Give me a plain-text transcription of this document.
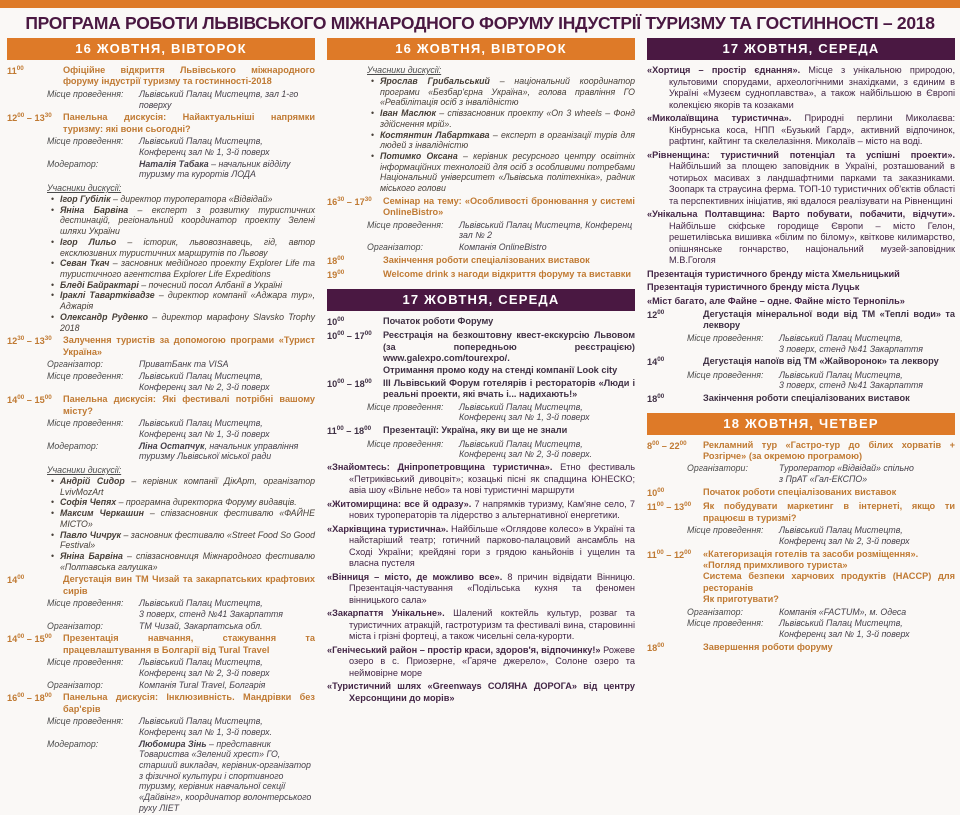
ПРОГРАМА РОБОТИ ЛЬВІВСЬКОГО МІЖНАРОДНОГО ФОРУМУ ІНДУСТРІЇ ТУРИЗМУ ТА ГОСТИННОСТІ – 2018
16 ЖОВТНЯ, ВІВТОРОК
$11^{00}$	Офіційне відкриття Львівського міжнародного форуму індустрії туризму та гостинності-2018
Місце проведення:	Львівський Палац Мистецтв, зал 1-го поверху
$12^{00} - 13^{30}$	Панельна дискусія: Найактуальніші напрямки туризму: які вони сьогодні?
Місце проведення:	Львівський Палац Мистецтв,
Конференц зал № 1, 3-й поверх
Модератор:	Наталія Табака – начальник відділу туризму та курортів ЛОДА
Учасники дискусії:
• Ігор Губілік – директор туроператора «Відвідай»
• Яніна Барвіна – експерт з розвитку туристичних дестинацій, регіональний координатор проекту Зелені шляхи України
• Ігор Лильо – історик, львовознавець, гід, автор ексклюзивних туристичних маршрутів по Львову
• Севан Ткач – засновник медійного проекту Explorer Life та туристичного агентства Explorer Life Expeditions
• Бледі Байрактарі – почесний посол Албанії в Україні
• Іраклі Тавартківадзе – директор компанії «Аджара тур», Аджарія
• Олександр Руденко – директор марафону Slavsko Trophy 2018
$12^{30} - 13^{30}$	Залучення туристів за допомогою програми «Турист Україна»
Організатор:	ПриватБанк та VISA
Місце проведення:	Львівський Палац Мистецтв,
Конференц зал № 2, 3-й поверх
$14^{00} - 15^{00}$	Панельна дискусія: Які фестивалі потрібні вашому місту?
Місце проведення:	Львівський Палац Мистецтв,
Конференц зал № 1, 3-й поверх
Модератор:	Ліна Остапчук, начальник управління туризму Львівської міської ради
Учасники дискусії:
• Андрій Сидор – керівник компанії ДікАрт, організатор LvivMozArt
• Софія Чепях – програмна директорка Форуму видавців.
• Максим Черкашин – співзасновник фестивалю «ФАЙНЕ МІСТО»
• Павло Чичрук – засновник фестивалю «Street Food So Good Festival»
• Яніна Барвіна – співзасновниця Міжнародного фестивалю «Полтавська галушка»
$14^{00}$	Дегустація вин ТМ Чизай та закарпатських крафтових сирів
Місце проведення:	Львівський Палац Мистецтв,
3 поверх, стенд №41 Закарпаття
Організатор:	ТМ Чизай, Закарпатська обл.
$14^{00} - 15^{00}$	Презентація навчання, стажування та працевлаштування в Болгарії від Tural Travel
Місце проведення:	Львівський Палац Мистецтв,
Конференц зал № 2, 3-й поверх
Організатор:	Компанія Tural Travel, Болгарія
$16^{00} - 18^{00}$	Панельна дискусія: Інклюзивність. Мандрівки без бар'єрів
Місце проведення:	Львівський Палац Мистецтв,
Конференц зал № 1, 3-й поверх.
Модератор:	Любомира Зінь – представник Товариства «Зелений хрест» ГО, старший викладач, керівник-організатор з фізичної культури і спортивного туризму, керівник навчальної секції «Дайвінг», координатор волонтерського руху ЛІЕТ
16 ЖОВТНЯ, ВІВТОРОК
Учасники дискусії:
• Ярослав Грибальський – національний координатор програми «Безбар'єрна Україна», голова правління ГО «Реабілітація осіб з інвалідністю
• Іван Маслюк – співзасновник проекту «On 3 wheels – Фонд здійснення мрій».
• Костянтин Лабарткава – експерт в організації турів для людей з інвалідністю
• Потимко Оксана – керівник ресурсного центру освітніх інформаційних технологій для осіб з особливими потребами Національний університет «Львівська політехніка», радник міського голови
$16^{30} - 17^{30}$	Семінар на тему: «Особливості бронювання у системі OnlineBistro»
Місце проведення:	Львівський Палац Мистецтв, Конференц зал № 2
Організатор:	Компанія OnlineBistro
$18^{00}$	Закінчення роботи спеціалізованих виставок
$19^{00}$	Welcome drink з нагоди відкриття форуму та виставки
17 ЖОВТНЯ, СЕРЕДА
$10^{00}$	Початок роботи Форуму
$10^{00} - 17^{00}$	Реєстрація на безкоштовну квест-екскурсію Львовом (за попередньою реєстрацією) www.galexpo.com/tourexpo/.
Отримання промо коду на стенді компанії Look city
$10^{00} - 18^{00}$	ІІІ Львівський Форум готелярів і рестораторів «Люди і реальні проекти, які вчать і... надихають!»
Місце проведення:	Львівський Палац Мистецтв,
Конференц зал № 1, 3-й поверх
$11^{00} - 18^{00}$	Презентації: Україна, яку ви ще не знали
Місце проведення:	Львівський Палац Мистецтв,
Конференц зал № 2, 3-й поверх.
«Знайомтесь: Дніпропетровщина туристична». Етно фестиваль «Петриківський дивоцвіт»; козацькі пісні як спадщина ЮНЕСКО; авіа шоу «Вільне небо» та нові туристичні маршрути
«Житомирщина: все й одразу». 7 напрямків туризму, Кам'яне село, 7 нових туроператорів та лідерство з альтернативної енергетики.
«Харківщина туристична». Найбільше «Оглядове колесо» в Україні та найстаріший театр; готичний парково-палацовий ансамбль на Сході України; крейдяні гори з грядою каньйонів і ущелин та власна пустеля
«Вінниця – місто, де можливо все». 8 причин відвідати Вінницю. Презентація-частування «Подільська кухня та феномен вінницького сала»
«Закарпаття Унікальне». Шалений коктейль культур, розваг та туристичних атракцій, гастротуризм та фестивалі вина, старовинні міста і грізні фортеці, а також чисельні села-курорти.
«Генічеський район – простір краси, здоров'я, відпочинку!» Рожеве озеро в с. Приозерне, «Гаряче джерело», Солоне озеро та неймовірне море
«Туристичний шлях «Greenways СОЛЯНА ДОРОГА» від центру Херсонщини до морів»
17 ЖОВТНЯ, СЕРЕДА
«Хортиця – простір єднання». Місце з унікальною природою, культовими спорудами, археологічними знахідками, з єдиним в Україні «Музеєм судноплавства», а також найбільшою в Європі колекцією якорів та козаками
«Миколаївщина туристична». Природні перлини Миколаєва: Кінбурнська коса, НПП «Бузький Гард», активний відпочинок, рафтинг, кайтинг та скелелазіння. Миколаїв – місто на воді.
«Рівненщина: туристичний потенціал та успішні проекти». Найбільший за площею заповідник в Україні, розташований в чотирьох масивах з ландшафтними парками та заказниками. Зоопарк та страусина ферма. ТОП-10 туристичних об'єктів області та перспективних ініціатив, які вдалося реалізувати на Рівненщині
«Унікальна Полтавщина: Варто побувати, побачити, відчути». Найбільше скіфське городище Європи – місто Гелон, решетилівська вишивка «білим по білому», квіткове килимарство, опішнянське гончарство, національний музей-заповідник М.В.Гоголя
Презентація туристичного бренду міста Хмельницький
Презентація туристичного бренду міста Луцьк
«Міст багато, але Файне – одне. Файне місто Тернопіль»
$12^{00}$	Дегустація мінеральної води від ТМ «Теплі води» та леквору
Місце проведення:	Львівський Палац Мистецтв,
3 поверх, стенд №41 Закарпаття
$14^{00}$	Дегустація напоїв від ТМ «Жайворонок» та леквору
Місце проведення:	Львівський Палац Мистецтв,
3 поверх, стенд №41 Закарпаття
$18^{00}$	Закінчення роботи спеціалізованих виставок
18 ЖОВТНЯ, ЧЕТВЕР
$8^{00} - 22^{00}$	Рекламний тур «Гастро-тур до білих хорватів + Розгірче» (за окремою програмою)
Організатори:	Туроператор «Відвідай» спільно
з ПрАТ «Гал-ЕКСПО»
$10^{00}$	Початок роботи спеціалізованих виставок
$11^{00} - 13^{00}$	Як побудувати маркетинг в інтернеті, якщо ти працюєш в туризмі?
Місце проведення:	Львівський Палац Мистецтв,
Конференц зал № 2, 3-й поверх
$11^{00} - 12^{00}$	«Категоризація готелів та засоби розміщення».
«Погляд примхливого туриста»
Система безпеки харчових продуктів (НАССР) для ресторанів
Як приготувати?
Організатор:	Компанія «FACTUM», м. Одеса
Місце проведення:	Львівський Палац Мистецтв,
Конференц зал № 1, 3-й поверх
$18^{00}$	Завершення роботи форуму
